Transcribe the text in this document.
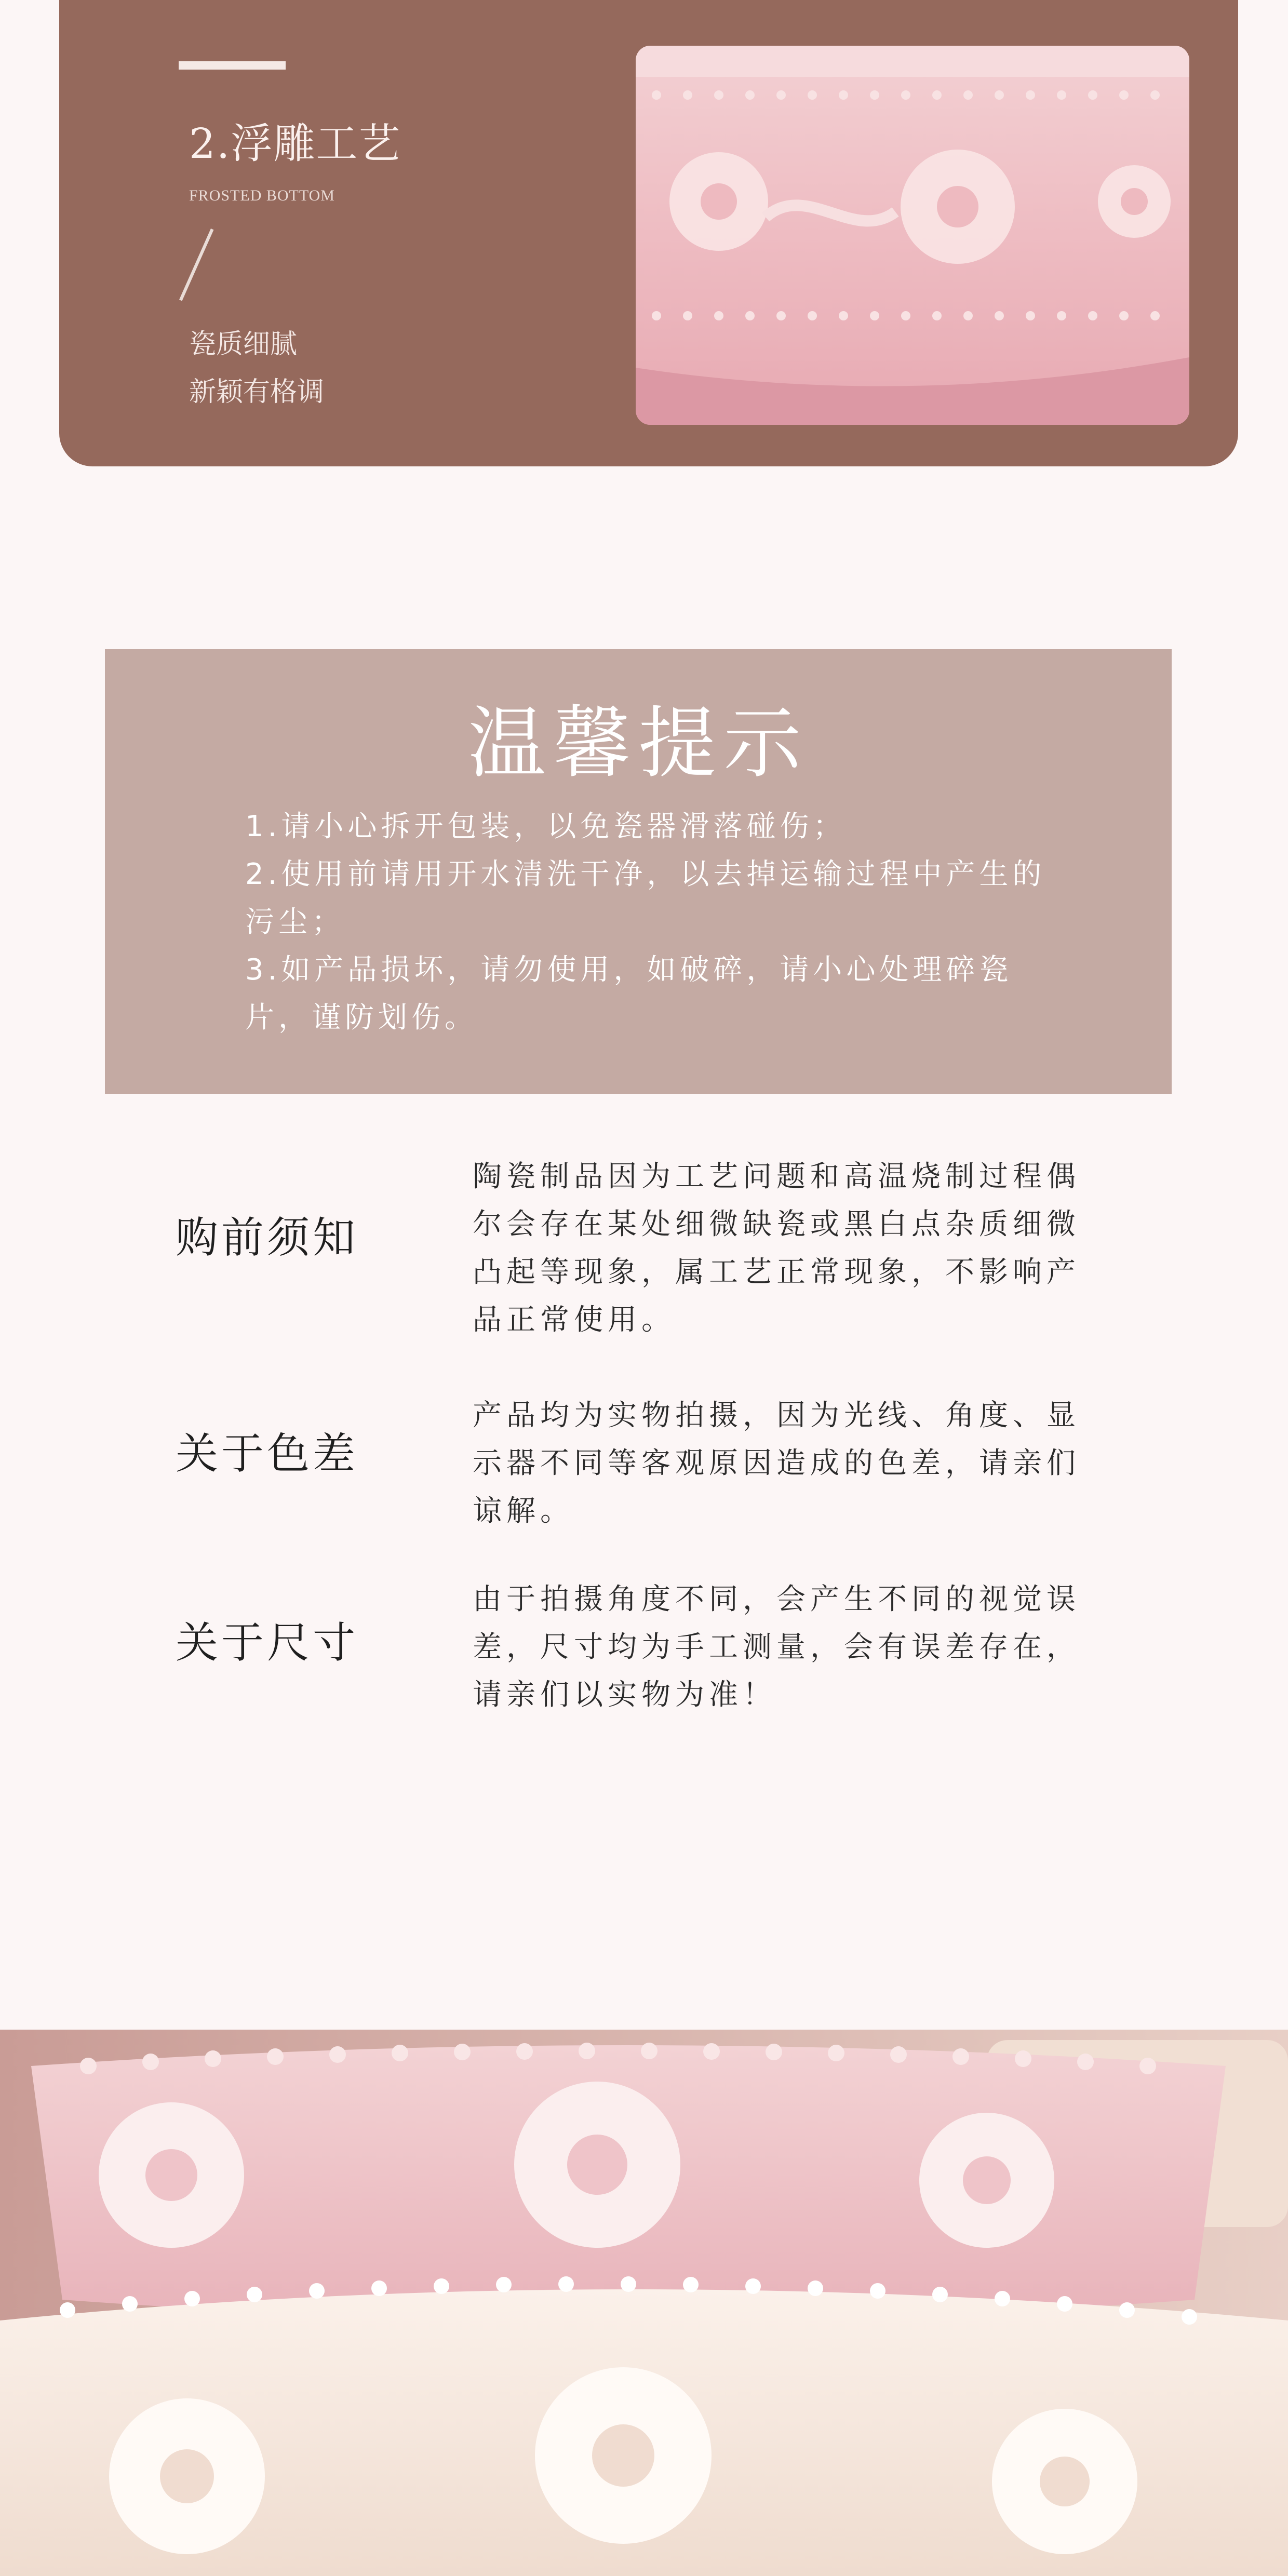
2.浮雕工艺
FROSTED BOTTOM
瓷质细腻
新颖有格调
温馨提示
1.请小心拆开包装，以免瓷器滑落碰伤；
2.使用前请用开水清洗干净，以去掉运输过程中产生的污尘；
3.如产品损坏，请勿使用，如破碎，请小心处理碎瓷片，谨防划伤。
购前须知
陶瓷制品因为工艺问题和高温烧制过程偶尔会存在某处细微缺瓷或黑白点杂质细微凸起等现象，属工艺正常现象，不影响产品正常使用。
关于色差
产品均为实物拍摄，因为光线、角度、显示器不同等客观原因造成的色差，请亲们谅解。
关于尺寸
由于拍摄角度不同，会产生不同的视觉误差，尺寸均为手工测量，会有误差存在，请亲们以实物为准！
